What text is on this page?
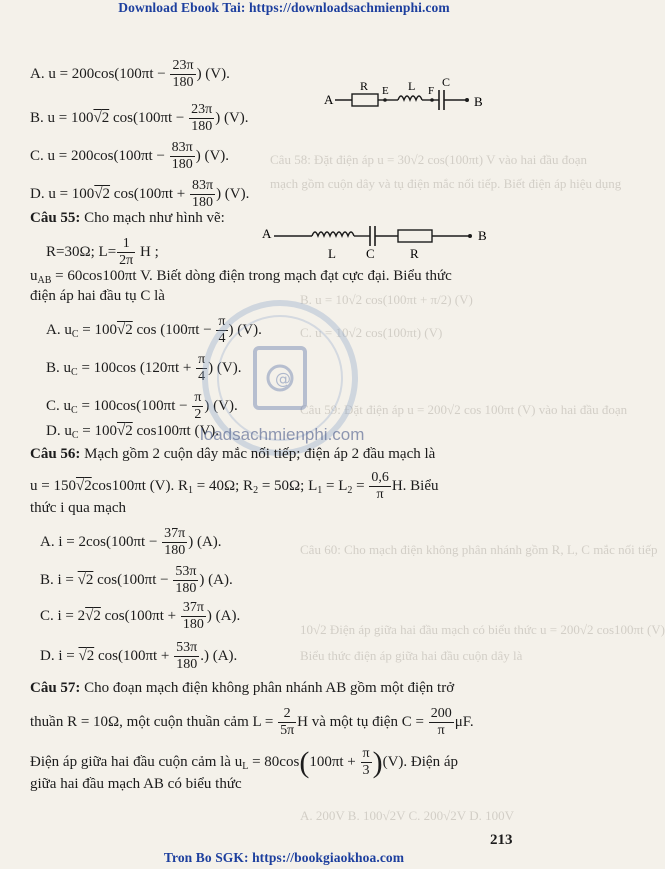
Download Ebook Tai: https://downloadsachmienphi.com
Câu 58: Đặt điện áp u = 30√2 cos(100πt) V vào hai đầu đoạn
mạch gồm cuộn dây và tụ điện mắc nối tiếp. Biết điện áp hiệu dụng
B. u = 10√2 cos(100πt + π/2) (V)
C. u = 10√2 cos(100πt) (V)
Câu 59: Đặt điện áp u = 200√2 cos 100πt (V) vào hai đầu đoạn
Câu 60: Cho mạch điện không phân nhánh gồm R, L, C mắc nối tiếp
10√2 Điện áp giữa hai đầu mạch có biểu thức u = 200√2 cos100πt (V)
Biểu thức điện áp giữa hai đầu cuộn dây là
A. 200V B. 100√2V C. 200√2V D. 100V
A. $u = 200\cos(100\pi t - \frac{23\pi}{180}$ ) (V).
B. u = 100√2 $\cos(100\pi t - \frac{23\pi}{180}$ ) (V).
C. $u = 200\cos(100\pi t - \frac{83\pi}{180}$ ) (V).
D. u = 100√2 $\cos(100\pi t + \frac{83\pi}{180}$ ) (V).
A
R E L F
C
B
Câu 55: Cho mạch như hình vẽ:
R=30Ω; $L= \frac{1}{2\pi}$ H ;
A
L C	R
B
$u_{AB} = 60\cos 100\pi t$ V. Biết dòng điện trong mạch đạt cực đại. Biểu thức
điện áp hai đầu tụ C là
A. $u_C = 100√2$ $\cos (100\pi t - \frac{\pi}{4}$ ) (V).
B. $u_C = 100\cos$ ($120\pi t + \frac{\pi}{4}$ ) (V).
C. $u_C = 100\cos(100\pi t - \frac{\pi}{2}$ ) (V).
D. $u_C = 100√2$ cos100πt (V).
@
loadsachmienphi.com
Câu 56: Mạch gồm 2 cuộn dây mắc nối tiếp; điện áp 2 đầu mạch là
u = 150√2cos100πt (V). $R_1 = 40\Omega$; $R_2 = 50\Omega$; $L_1 = L_2 = \frac{0,6}{\pi} H$. Biểu
thức i qua mạch
A. $i = 2\cos(100\pi t - \frac{37\pi}{180}$ ) (A).
B. i = √2 $\cos(100\pi t - \frac{53\pi}{180}$ ) (A).
C. i = 2√2 $\cos(100\pi t + \frac{37\pi}{180}$ ) (A).
D. i = √2 $\cos(100\pi t + \frac{53\pi}{180}$ .) (A).
Câu 57: Cho đoạn mạch điện không phân nhánh AB gồm một điện trở
thuần R = 10Ω, một cuộn thuần cảm $L = \frac{2}{5\pi}$ H và một tụ điện $C = \frac{200}{\pi} \mu F$.
Điện áp giữa hai đầu cuộn cảm là $u_L = 80\cos(100\pi t + \frac{\pi}{3} )(V)$. Điện áp
giữa hai đầu mạch AB có biểu thức
213
Tron Bo SGK: https://bookgiaokhoa.com
